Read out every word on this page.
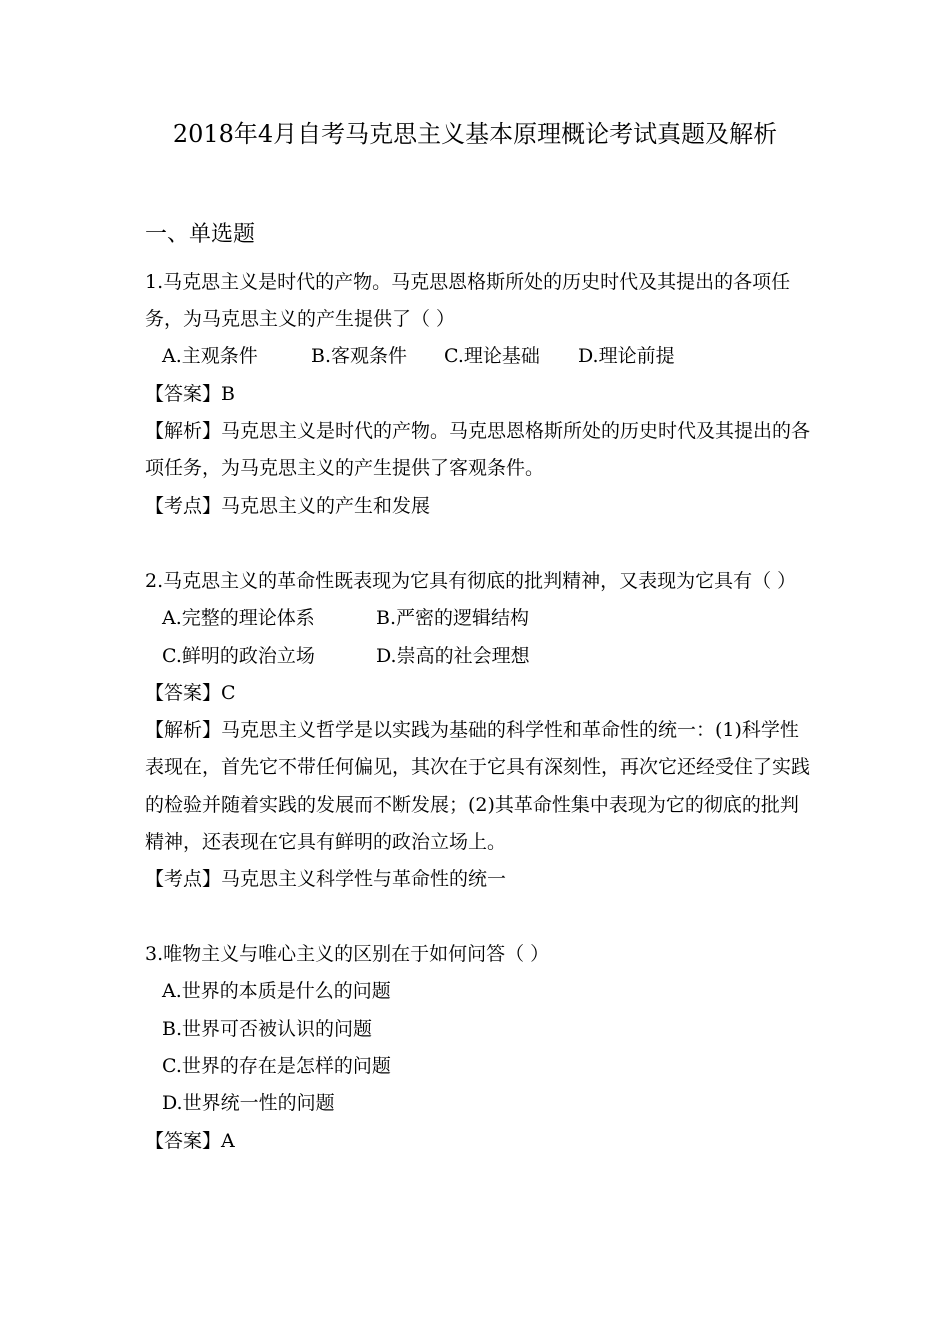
2018年4月自考马克思主义基本原理概论考试真题及解析
一、单选题
1.马克思主义是时代的产物。马克思恩格斯所处的历史时代及其提出的各项任
务，为马克思主义的产生提供了（ ）
A.主观条件	B.客观条件 C.理论基础 D.理论前提
【答案】B
【解析】马克思主义是时代的产物。马克思恩格斯所处的历史时代及其提出的各
项任务，为马克思主义的产生提供了客观条件。
【考点】马克思主义的产生和发展
2.马克思主义的革命性既表现为它具有彻底的批判精神，又表现为它具有（ ）
A.完整的理论体系	B.严密的逻辑结构
C.鲜明的政治立场	D.崇高的社会理想
【答案】C
【解析】马克思主义哲学是以实践为基础的科学性和革命性的统一：(1)科学性
表现在，首先它不带任何偏见，其次在于它具有深刻性，再次它还经受住了实践
的检验并随着实践的发展而不断发展；(2)其革命性集中表现为它的彻底的批判
精神，还表现在它具有鲜明的政治立场上。
【考点】马克思主义科学性与革命性的统一
3.唯物主义与唯心主义的区别在于如何问答（ ）
A.世界的本质是什么的问题
B.世界可否被认识的问题
C.世界的存在是怎样的问题
D.世界统一性的问题
【答案】A
